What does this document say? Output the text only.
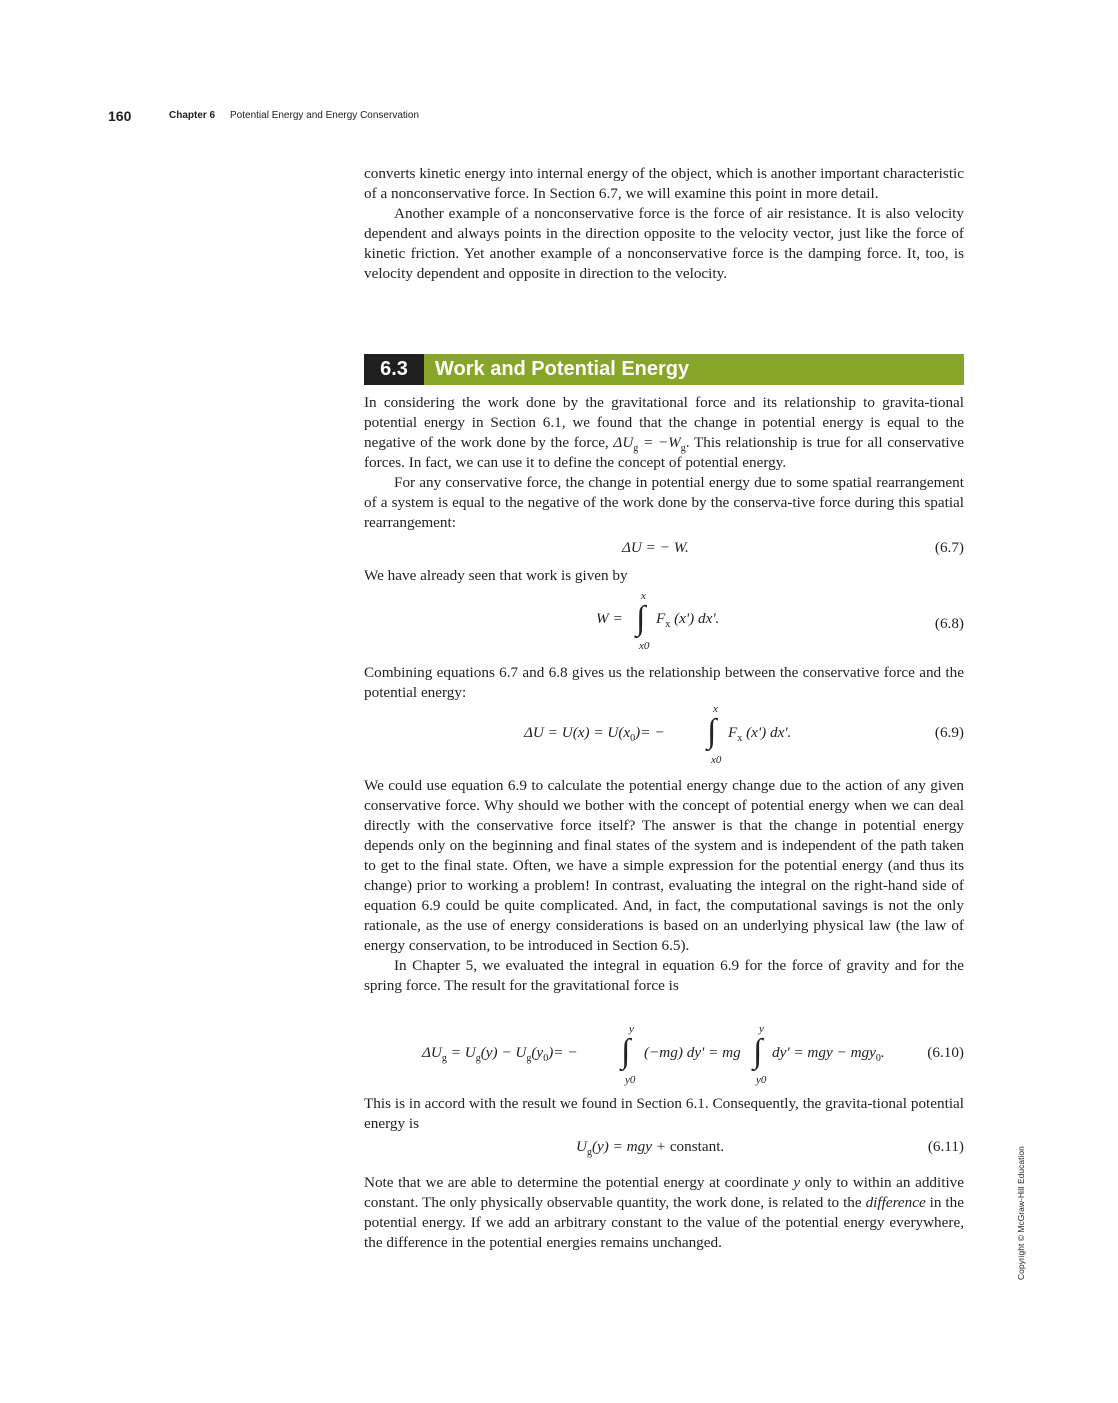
160	Chapter 6 Potential Energy and Energy Conservation

converts kinetic energy into internal energy of the object, which is another important characteristic of a nonconservative force. In Section 6.7, we will examine this point in more detail.

Another example of a nonconservative force is the force of air resistance. It is also velocity dependent and always points in the direction opposite to the velocity vector, just like the force of kinetic friction. Yet another example of a nonconservative force is the damping force. It, too, is velocity dependent and opposite in direction to the velocity.

6.3	Work and Potential Energy

In considering the work done by the gravitational force and its relationship to gravita-tional potential energy in Section 6.1, we found that the change in potential energy is equal to the negative of the work done by the force, $\Delta U_g = -W_g$. This relationship is true for all conservative forces. In fact, we can use it to define the concept of potential energy.

For any conservative force, the change in potential energy due to some spatial rearrangement of a system is equal to the negative of the work done by the conserva-tive force during this spatial rearrangement:

ΔU = − W.	(6.7)

We have already seen that work is given by

W = ∫
x
x0
$F_x$ (x') dx'.	(6.8)

Combining equations 6.7 and 6.8 gives us the relationship between the conservative force and the potential energy:

$\Delta U = U(x) = U(x_0)=$ − ∫
x
x0
$F_x$ (x') dx'.	(6.9)

We could use equation 6.9 to calculate the potential energy change due to the action of any given conservative force. Why should we bother with the concept of potential energy when we can deal directly with the conservative force itself? The answer is that the change in potential energy depends only on the beginning and final states of the system and is independent of the path taken to get to the final state. Often, we have a simple expression for the potential energy (and thus its change) prior to working a problem! In contrast, evaluating the integral on the right-hand side of equation 6.9 could be quite complicated. And, in fact, the computational savings is not the only rationale, as the use of energy considerations is based on an underlying physical law (the law of energy conservation, to be introduced in Section 6.5).

In Chapter 5, we evaluated the integral in equation 6.9 for the force of gravity and for the spring force. The result for the gravitational force is

$\Delta U_g = U_g(y) - U_g(y_0)=$ − ∫
y
y0
(−mg) dy' = mg ∫
y
y0
dy' = mgy − mgy$_0$.	(6.10)

This is in accord with the result we found in Section 6.1. Consequently, the gravita-tional potential energy is

$U_g(y)$ = mgy + constant.	(6.11)

Note that we are able to determine the potential energy at coordinate y only to within an additive constant. The only physically observable quantity, the work done, is related to the difference in the potential energy. If we add an arbitrary constant to the value of the potential energy everywhere, the difference in the potential energies remains unchanged.	Copyright © McGraw-Hill Education
